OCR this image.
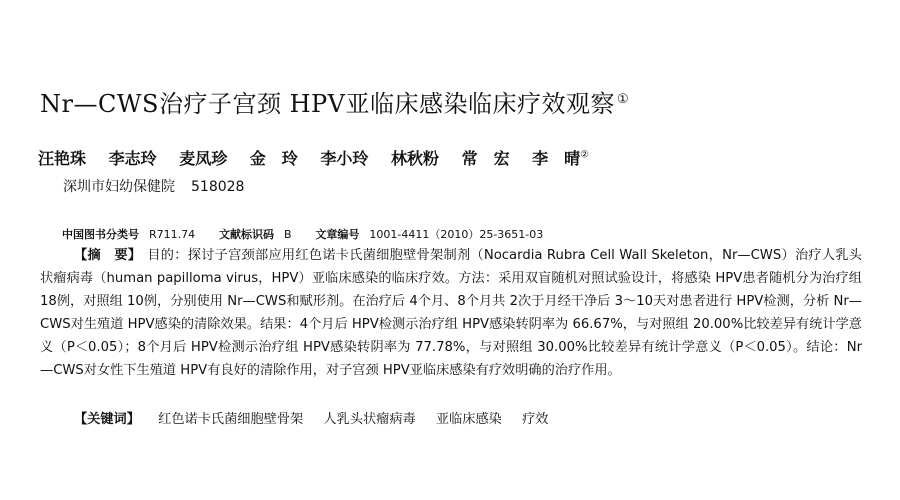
Nr—CWS治疗子宫颈 HPV亚临床感染临床疗效观察 ①
汪艳珠 李志玲 麦凤珍 金　玲 李小玲 林秋粉 常　宏 李　晴②
深圳市妇幼保健院 518028
中国图书分类号 R711.74 文献标识码 B 文章编号 1001-4411（2010）25-3651-03
【摘　要】 目的：探讨子宫颈部应用红色诺卡氏菌细胞壁骨架制剂（Nocardia Rubra Cell Wall Skeleton，Nr—CWS）治疗人乳头状瘤病毒（human papilloma virus，HPV）亚临床感染的临床疗效。方法：采用双盲随机对照试验设计，将感染 HPV患者随机分为治疗组 18例，对照组 10例，分别使用 Nr—CWS和赋形剂。在治疗后 4个月、8个月共 2次于月经干净后 3～10天对患者进行 HPV检测，分析 Nr—CWS对生殖道 HPV感染的清除效果。结果：4个月后 HPV检测示治疗组 HPV感染转阴率为 66.67%，与对照组 20.00%比较差异有统计学意义（P＜0.05）；8个月后 HPV检测示治疗组 HPV感染转阴率为 77.78%，与对照组 30.00%比较差异有统计学意义（P＜0.05）。结论：Nr—CWS对女性下生殖道 HPV有良好的清除作用，对子宫颈 HPV亚临床感染有疗效明确的治疗作用。
【关键词】 红色诺卡氏菌细胞壁骨架 人乳头状瘤病毒 亚临床感染 疗效
